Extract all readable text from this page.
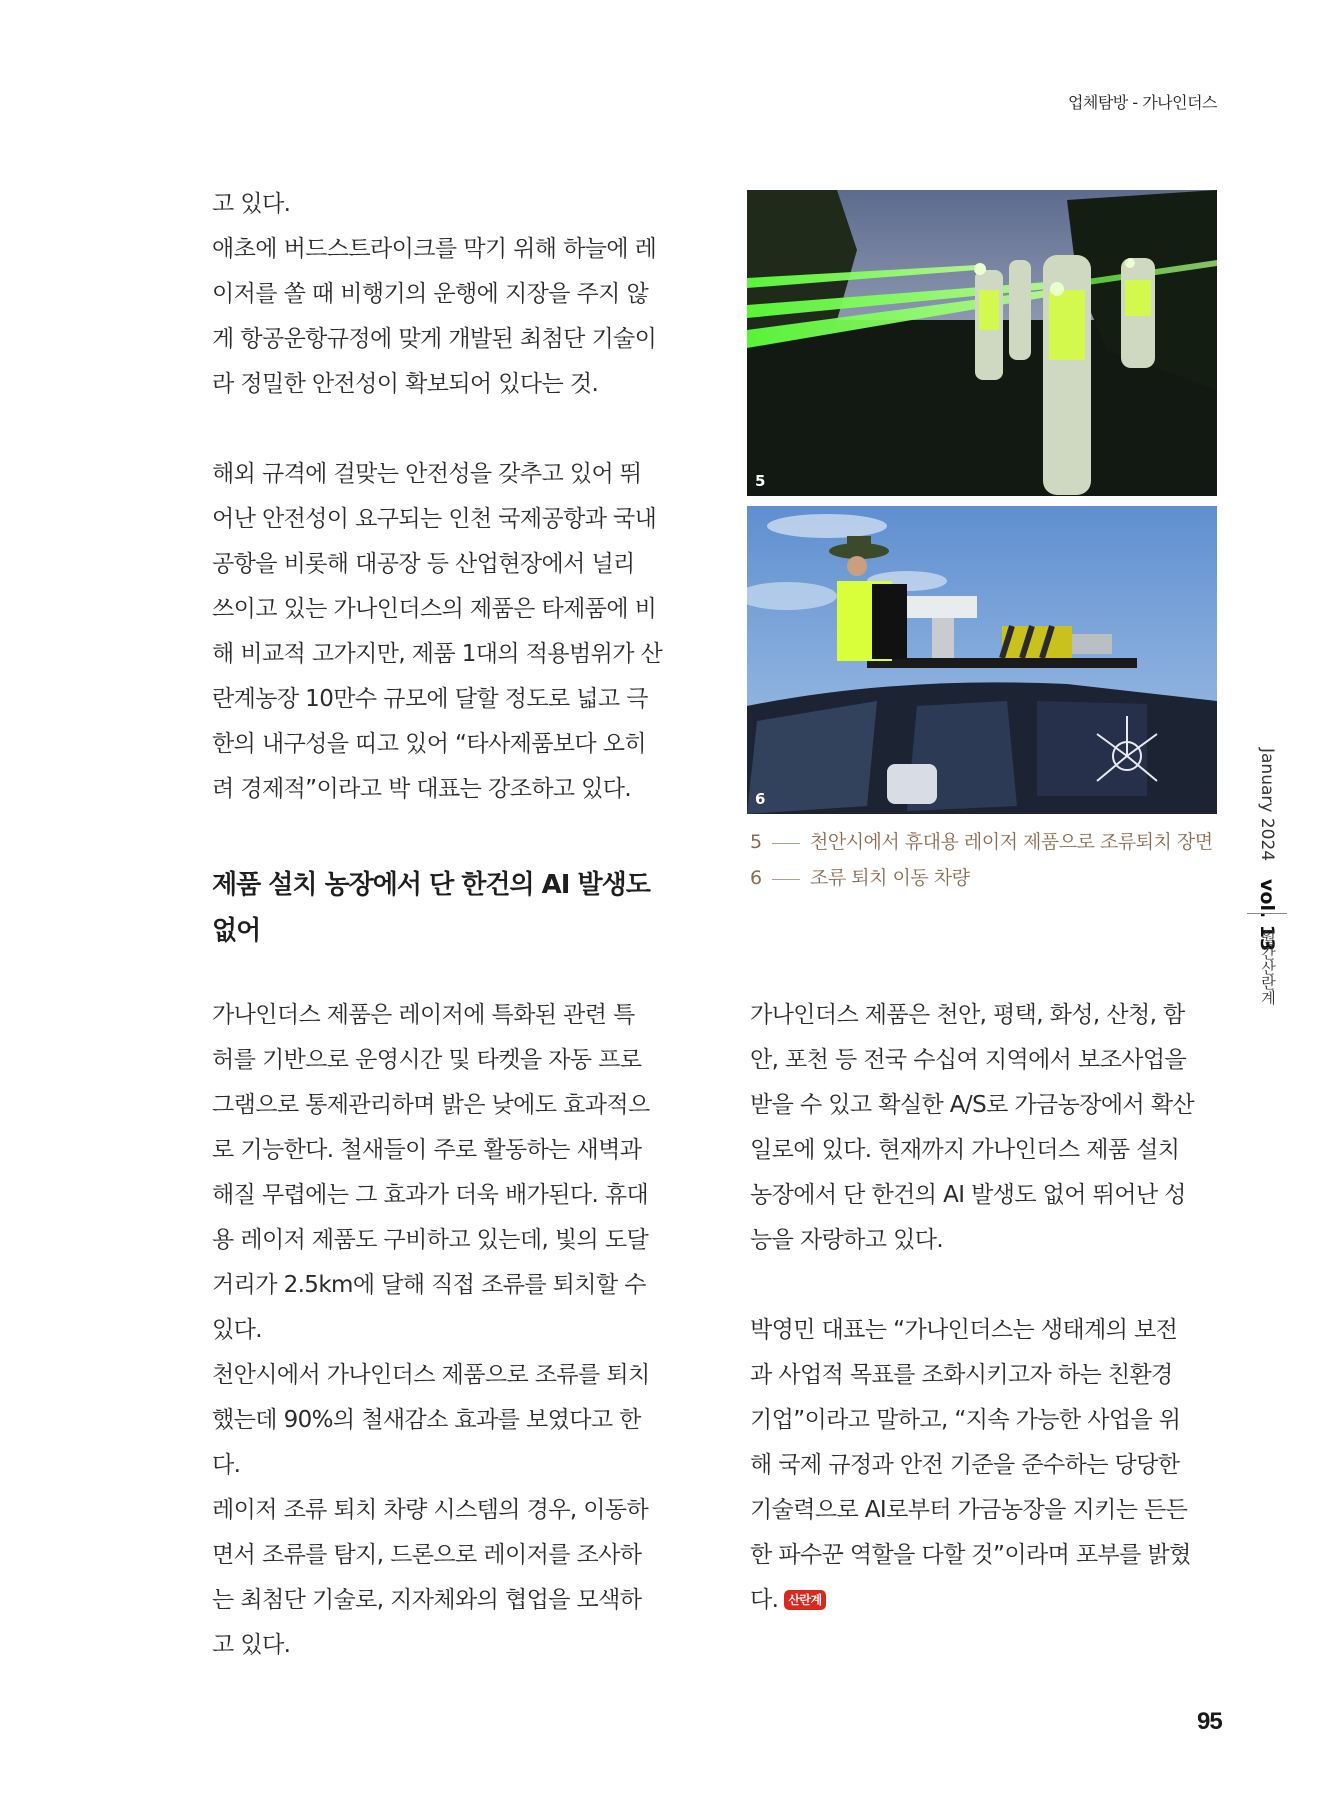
업체탐방 - 가나인더스

고 있다.

애초에 버드스트라이크를 막기 위해 하늘에 레
이저를 쏠 때 비행기의 운행에 지장을 주지 않
게 항공운항규정에 맞게 개발된 최첨단 기술이
라 정밀한 안전성이 확보되어 있다는 것.

해외 규격에 걸맞는 안전성을 갖추고 있어 뛰
어난 안전성이 요구되는 인천 국제공항과 국내
공항을 비롯해 대공장 등 산업현장에서 널리
쓰이고 있는 가나인더스의 제품은 타제품에 비
해 비교적 고가지만, 제품 1대의 적용범위가 산
란계농장 10만수 규모에 달할 정도로 넓고 극
한의 내구성을 띠고 있어 “타사제품보다 오히
려 경제적”이라고 박 대표는 강조하고 있다.

제품 설치 농장에서 단 한건의 AI 발생도
없어

가나인더스 제품은 레이저에 특화된 관련 특
허를 기반으로 운영시간 및 타켓을 자동 프로
그램으로 통제관리하며 밝은 낮에도 효과적으
로 기능한다. 철새들이 주로 활동하는 새벽과
해질 무렵에는 그 효과가 더욱 배가된다. 휴대
용 레이저 제품도 구비하고 있는데, 빛의 도달
거리가 2.5km에 달해 직접 조류를 퇴치할 수
있다.

천안시에서 가나인더스 제품으로 조류를 퇴치
했는데 90%의 철새감소 효과를 보였다고 한
다.

레이저 조류 퇴치 차량 시스템의 경우, 이동하
면서 조류를 탐지, 드론으로 레이저를 조사하
는 최첨단 기술로, 지자체와의 협업을 모색하
고 있다.

가나인더스 제품은 천안, 평택, 화성, 산청, 함
안, 포천 등 전국 수십여 지역에서 보조사업을
받을 수 있고 확실한 A/S로 가금농장에서 확산
일로에 있다. 현재까지 가나인더스 제품 설치
농장에서 단 한건의 AI 발생도 없어 뛰어난 성
능을 자랑하고 있다.

박영민 대표는 “가나인더스는 생태계의 보전
과 사업적 목표를 조화시키고자 하는 친환경
기업”이라고 말하고, “지속 가능한 사업을 위
해 국제 규정과 안전 기준을 준수하는 당당한
기술력으로 AI로부터 가금농장을 지키는 든든
한 파수꾼 역할을 다할 것”이라며 포부를 밝혔

다. 산란계

5
6
5	천안시에서 휴대용 레이저 제품으로 조류퇴치 장면
6	조류 퇴치 이동 차량
January 2024 vol. 13
월간산란계
95
